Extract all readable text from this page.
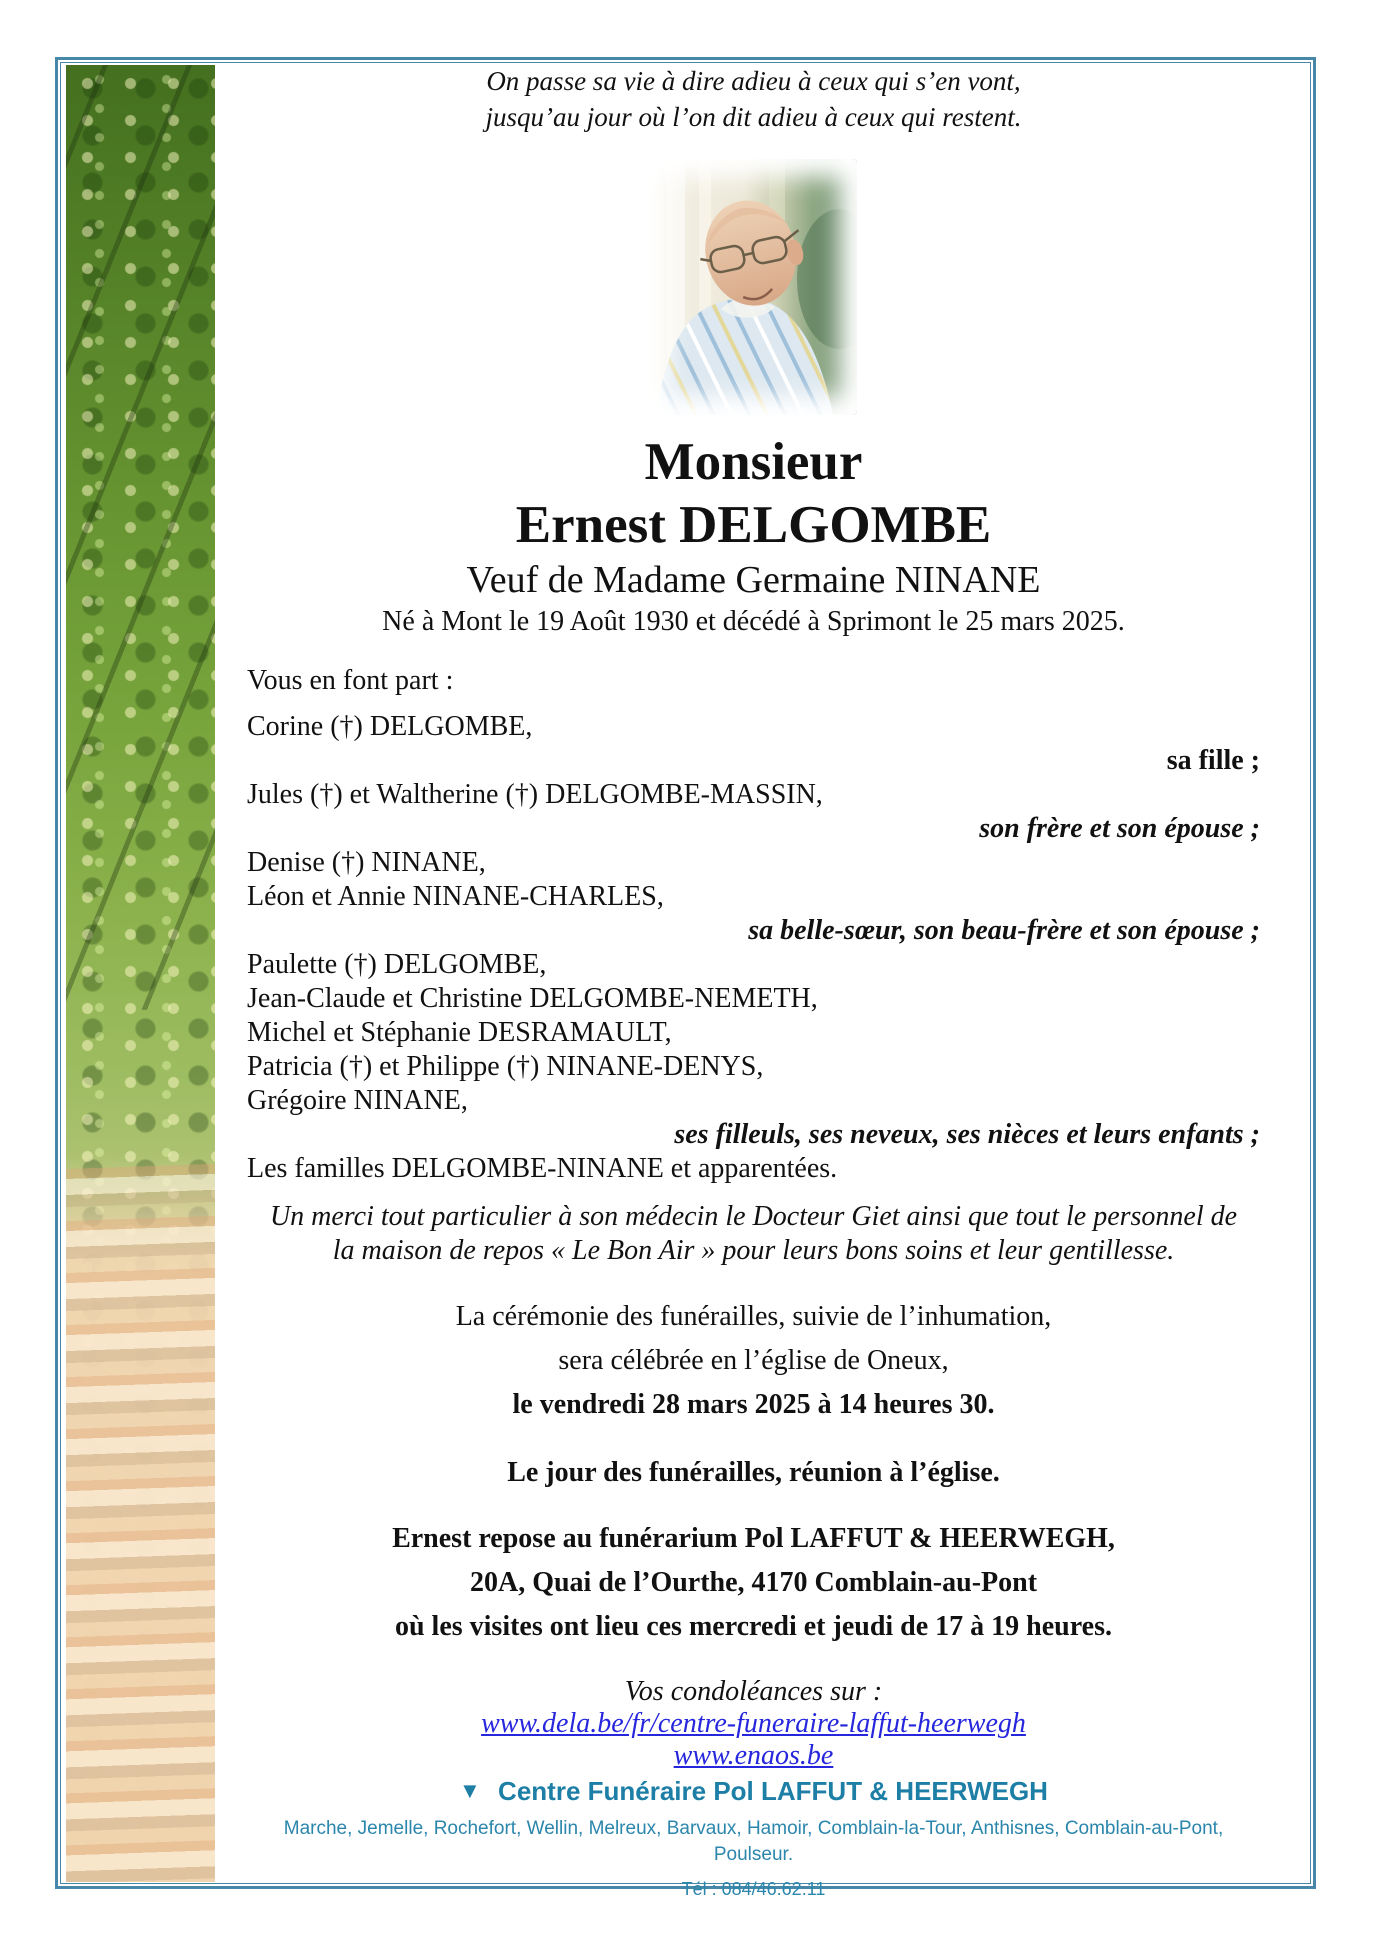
On passe sa vie à dire adieu à ceux qui s’en vont,
jusqu’au jour où l’on dit adieu à ceux qui restent.

Monsieur
Ernest DELGOMBE
Veuf de Madame Germaine NINANE

Né à Mont le 19 Août 1930 et décédé à Sprimont le 25 mars 2025.

Vous en font part :

Corine (†) DELGOMBE,
sa fille ;
Jules (†) et Waltherine (†) DELGOMBE-MASSIN,
son frère et son épouse ;
Denise (†) NINANE,
Léon et Annie NINANE-CHARLES,
sa belle-sœur, son beau-frère et son épouse ;
Paulette (†) DELGOMBE,
Jean-Claude et Christine DELGOMBE-NEMETH,
Michel et Stéphanie DESRAMAULT,
Patricia (†) et Philippe (†) NINANE-DENYS,
Grégoire NINANE,
ses filleuls, ses neveux, ses nièces et leurs enfants ;
Les familles DELGOMBE-NINANE et apparentées.

Un merci tout particulier à son médecin le Docteur Giet ainsi que tout le personnel de la maison de repos « Le Bon Air » pour leurs bons soins et leur gentillesse.

La cérémonie des funérailles, suivie de l’inhumation,

sera célébrée en l’église de Oneux,

le vendredi 28 mars 2025 à 14 heures 30.

Le jour des funérailles, réunion à l’église.

Ernest repose au funérarium Pol LAFFUT & HEERWEGH,

20A, Quai de l’Ourthe, 4170 Comblain-au-Pont

où les visites ont lieu ces mercredi et jeudi de 17 à 19 heures.

Vos condoléances sur :

www.dela.be/fr/centre-funeraire-laffut-heerwegh

www.enaos.be

▼ Centre Funéraire Pol LAFFUT & HEERWEGH

Marche, Jemelle, Rochefort, Wellin, Melreux, Barvaux, Hamoir, Comblain-la-Tour, Anthisnes, Comblain-au-Pont, Poulseur.

Tél : 084/46.62.11
